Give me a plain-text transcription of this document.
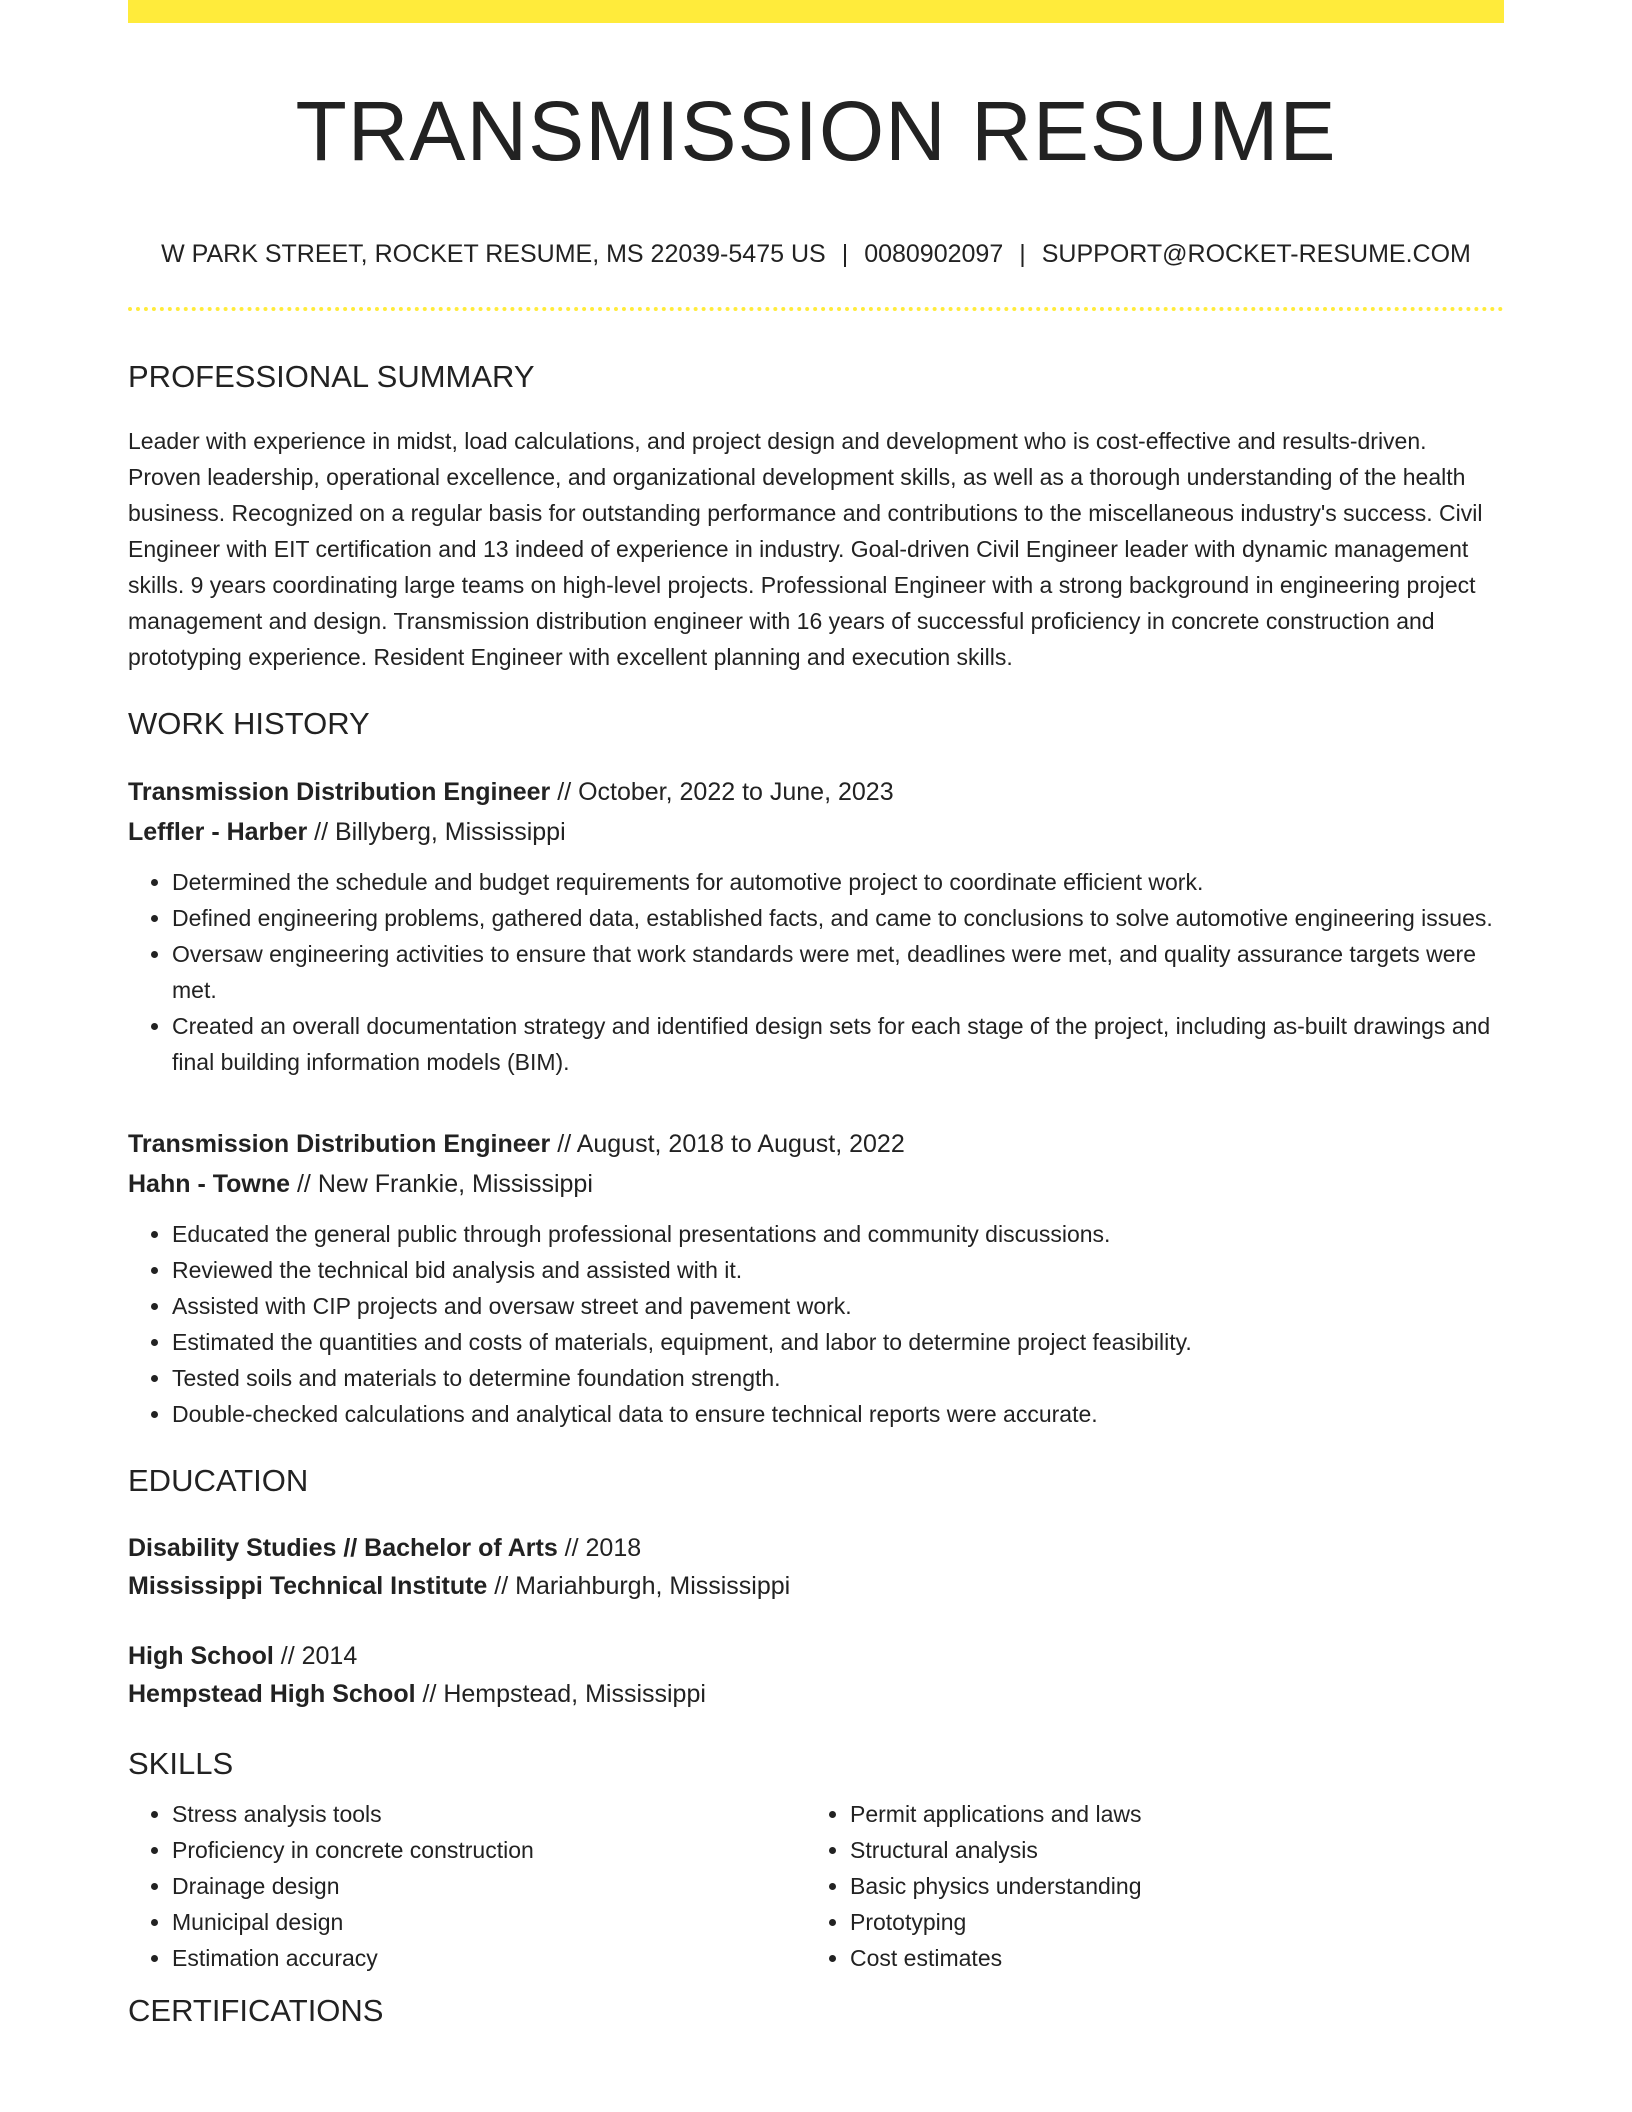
TRANSMISSION RESUME
W PARK STREET, ROCKET RESUME, MS 22039-5475 US | 0080902097 | SUPPORT@ROCKET-RESUME.COM
PROFESSIONAL SUMMARY
Leader with experience in midst, load calculations, and project design and development who is cost-effective and results-driven. Proven leadership, operational excellence, and organizational development skills, as well as a thorough understanding of the health business. Recognized on a regular basis for outstanding performance and contributions to the miscellaneous industry's success. Civil Engineer with EIT certification and 13 indeed of experience in industry. Goal-driven Civil Engineer leader with dynamic management skills. 9 years coordinating large teams on high-level projects. Professional Engineer with a strong background in engineering project management and design. Transmission distribution engineer with 16 years of successful proficiency in concrete construction and prototyping experience. Resident Engineer with excellent planning and execution skills.
WORK HISTORY
Transmission Distribution Engineer // October, 2022 to June, 2023
Leffler - Harber // Billyberg, Mississippi
• Determined the schedule and budget requirements for automotive project to coordinate efficient work.
• Defined engineering problems, gathered data, established facts, and came to conclusions to solve automotive engineering issues.
• Oversaw engineering activities to ensure that work standards were met, deadlines were met, and quality assurance targets were met.
• Created an overall documentation strategy and identified design sets for each stage of the project, including as-built drawings and final building information models (BIM).
Transmission Distribution Engineer // August, 2018 to August, 2022
Hahn - Towne // New Frankie, Mississippi
• Educated the general public through professional presentations and community discussions.
• Reviewed the technical bid analysis and assisted with it.
• Assisted with CIP projects and oversaw street and pavement work.
• Estimated the quantities and costs of materials, equipment, and labor to determine project feasibility.
• Tested soils and materials to determine foundation strength.
• Double-checked calculations and analytical data to ensure technical reports were accurate.
EDUCATION
Disability Studies // Bachelor of Arts // 2018
Mississippi Technical Institute // Mariahburgh, Mississippi
High School // 2014
Hempstead High School // Hempstead, Mississippi
SKILLS
• Stress analysis tools
• Proficiency in concrete construction
• Drainage design
• Municipal design
• Estimation accuracy
• Permit applications and laws
• Structural analysis
• Basic physics understanding
• Prototyping
• Cost estimates
CERTIFICATIONS
